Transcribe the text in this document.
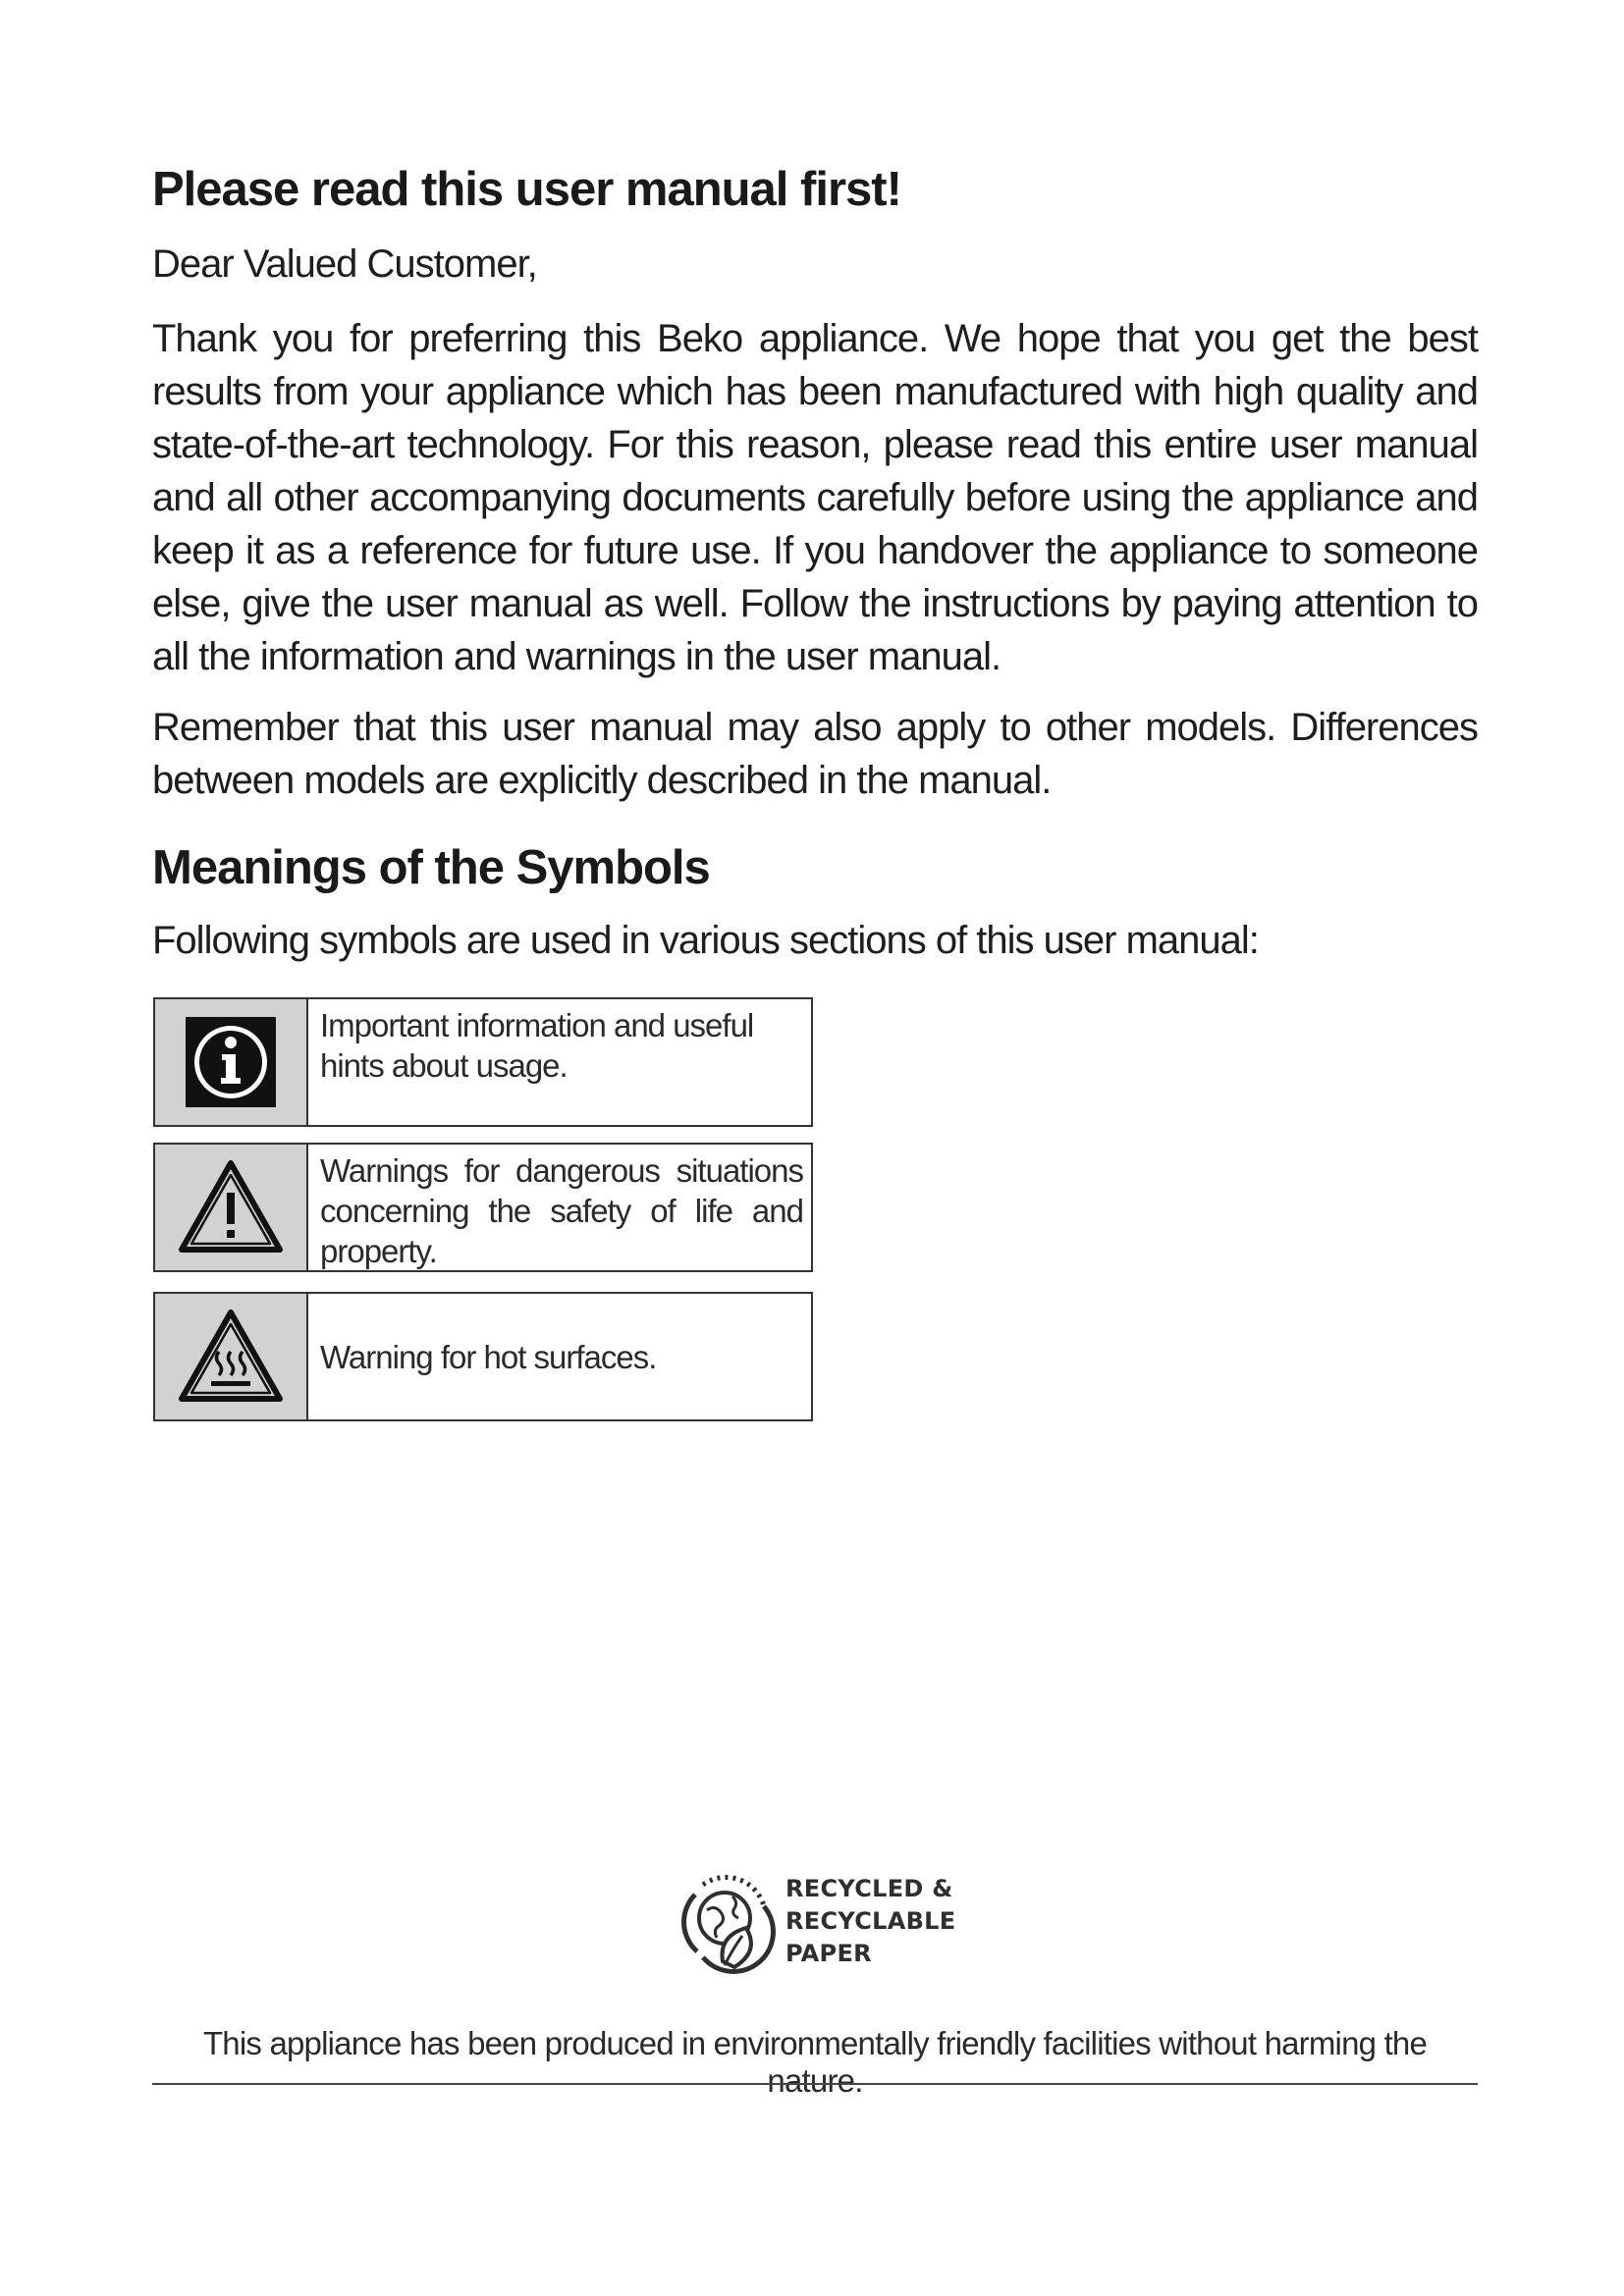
Please read this user manual first!

Dear Valued Customer,

Thank you for preferring this Beko appliance. We hope that you get the best results from your appliance which has been manufactured with high quality and state-of-the-art technology. For this reason, please read this entire user manual and all other accompanying documents carefully before using the appliance and keep it as a reference for future use. If you handover the appliance to someone else, give the user manual as well. Follow the instructions by paying attention to all the information and warnings in the user manual.

Remember that this user manual may also apply to other models. Differences between models are explicitly described in the manual.

Meanings of the Symbols

Following symbols are used in various sections of this user manual:

Important information and useful hints about usage.
Warnings for dangerous situations concerning the safety of life and property.
Warning for hot surfaces.
RECYCLED &
RECYCLABLE
PAPER

This appliance has been produced in environmentally friendly facilities without harming the nature.
